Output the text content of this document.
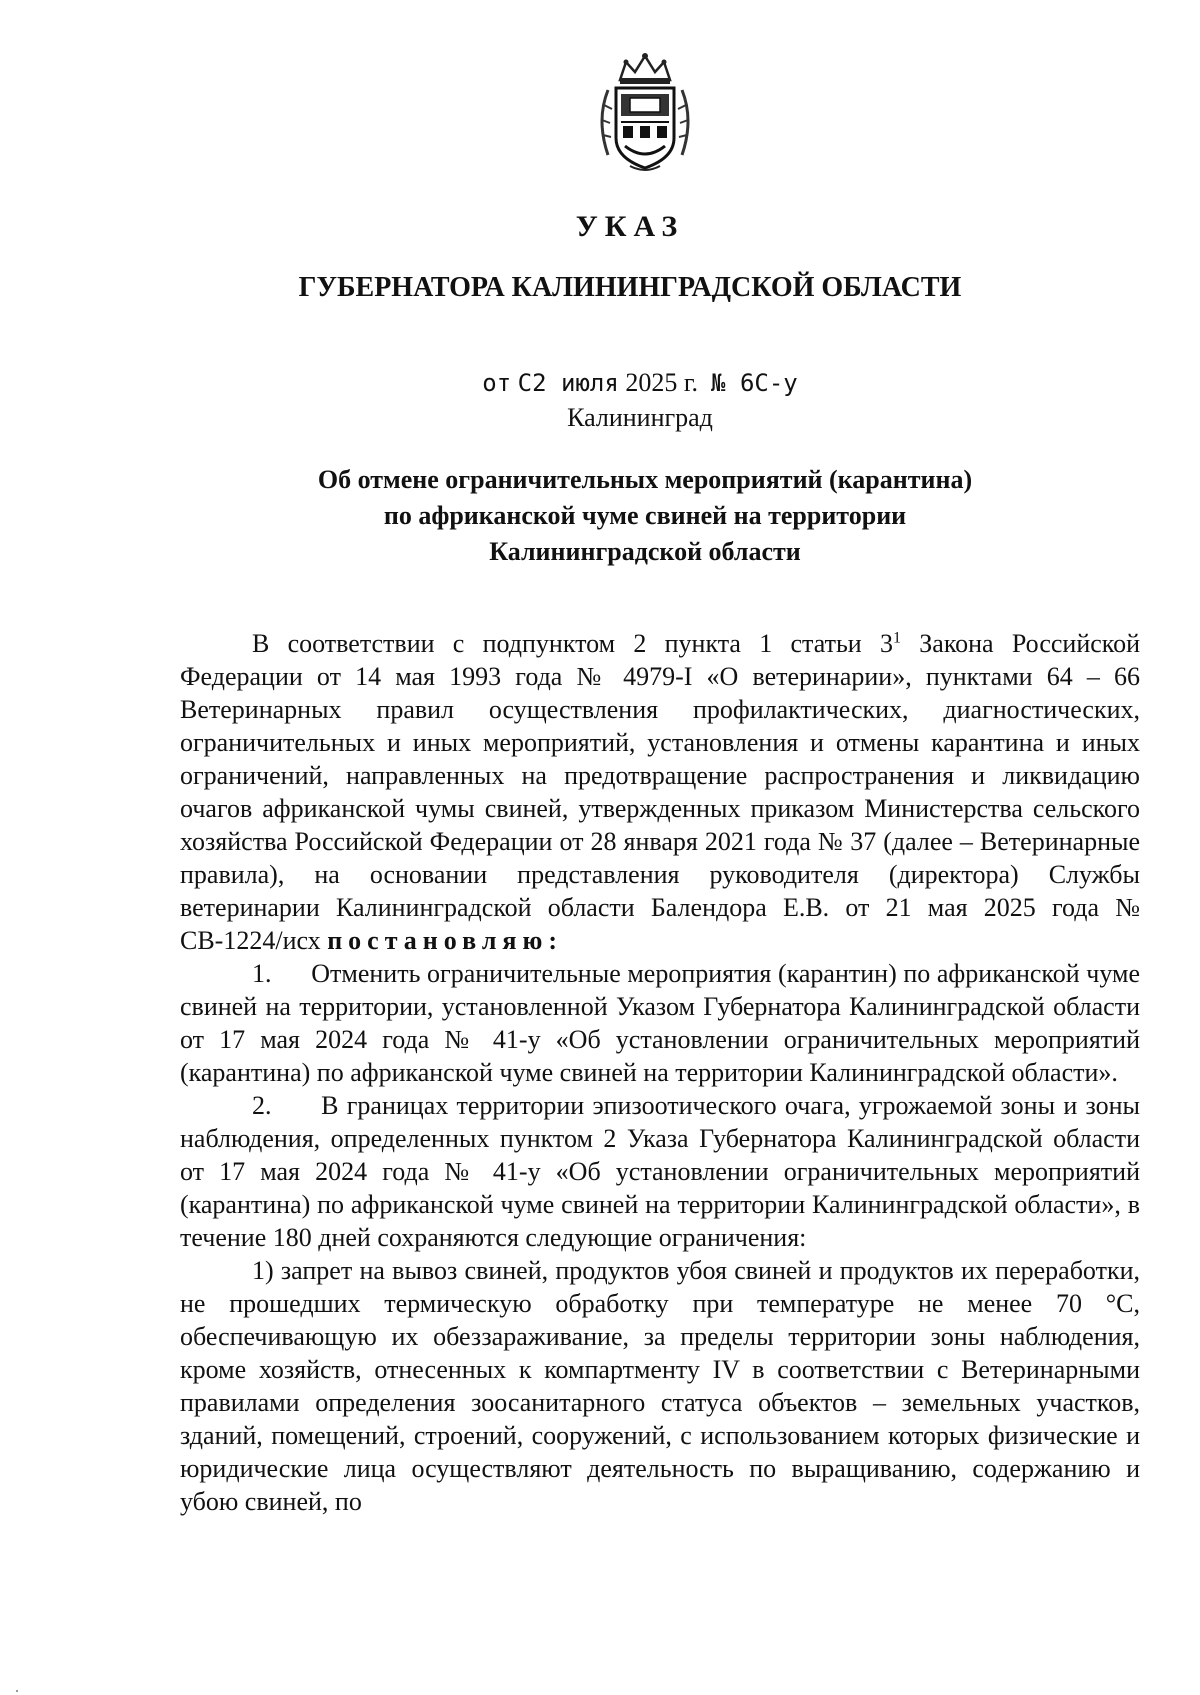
УКАЗ
ГУБЕРНАТОРА КАЛИНИНГРАДСКОЙ ОБЛАСТИ
от С2 июля 2025 г. № 6С-у
Калининград
Об отмене ограничительных мероприятий (карантина)
по африканской чуме свиней на территории
Калининградской области

В соответствии с подпунктом 2 пункта 1 статьи $3^1$ Закона Российской Федерации от 14 мая 1993 года № 4979-I «О ветеринарии», пунктами 64 – 66 Ветеринарных правил осуществления профилактических, диагностических, ограничительных и иных мероприятий, установления и отмены карантина и иных ограничений, направленных на предотвращение распространения и ликвидацию очагов африканской чумы свиней, утвержденных приказом Министерства сельского хозяйства Российской Федерации от 28 января 2021 года № 37 (далее – Ветеринарные правила), на основании представления руководителя (директора) Службы ветеринарии Калининградской области Балендора Е.В. от 21 мая 2025 года № СВ-1224/исх постановляю:

1. Отменить ограничительные мероприятия (карантин) по африканской чуме свиней на территории, установленной Указом Губернатора Калининградской области от 17 мая 2024 года № 41-у «Об установлении ограничительных мероприятий (карантина) по африканской чуме свиней на территории Калининградской области».

2. В границах территории эпизоотического очага, угрожаемой зоны и зоны наблюдения, определенных пунктом 2 Указа Губернатора Калининградской области от 17 мая 2024 года № 41-у «Об установлении ограничительных мероприятий (карантина) по африканской чуме свиней на территории Калининградской области», в течение 180 дней сохраняются следующие ограничения:

1) запрет на вывоз свиней, продуктов убоя свиней и продуктов их переработки, не прошедших термическую обработку при температуре не менее 70 °С, обеспечивающую их обеззараживание, за пределы территории зоны наблюдения, кроме хозяйств, отнесенных к компартменту IV в соответствии с Ветеринарными правилами определения зоосанитарного статуса объектов – земельных участков, зданий, помещений, строений, сооружений, с использованием которых физические и юридические лица осуществляют деятельность по выращиванию, содержанию и убою свиней, по
